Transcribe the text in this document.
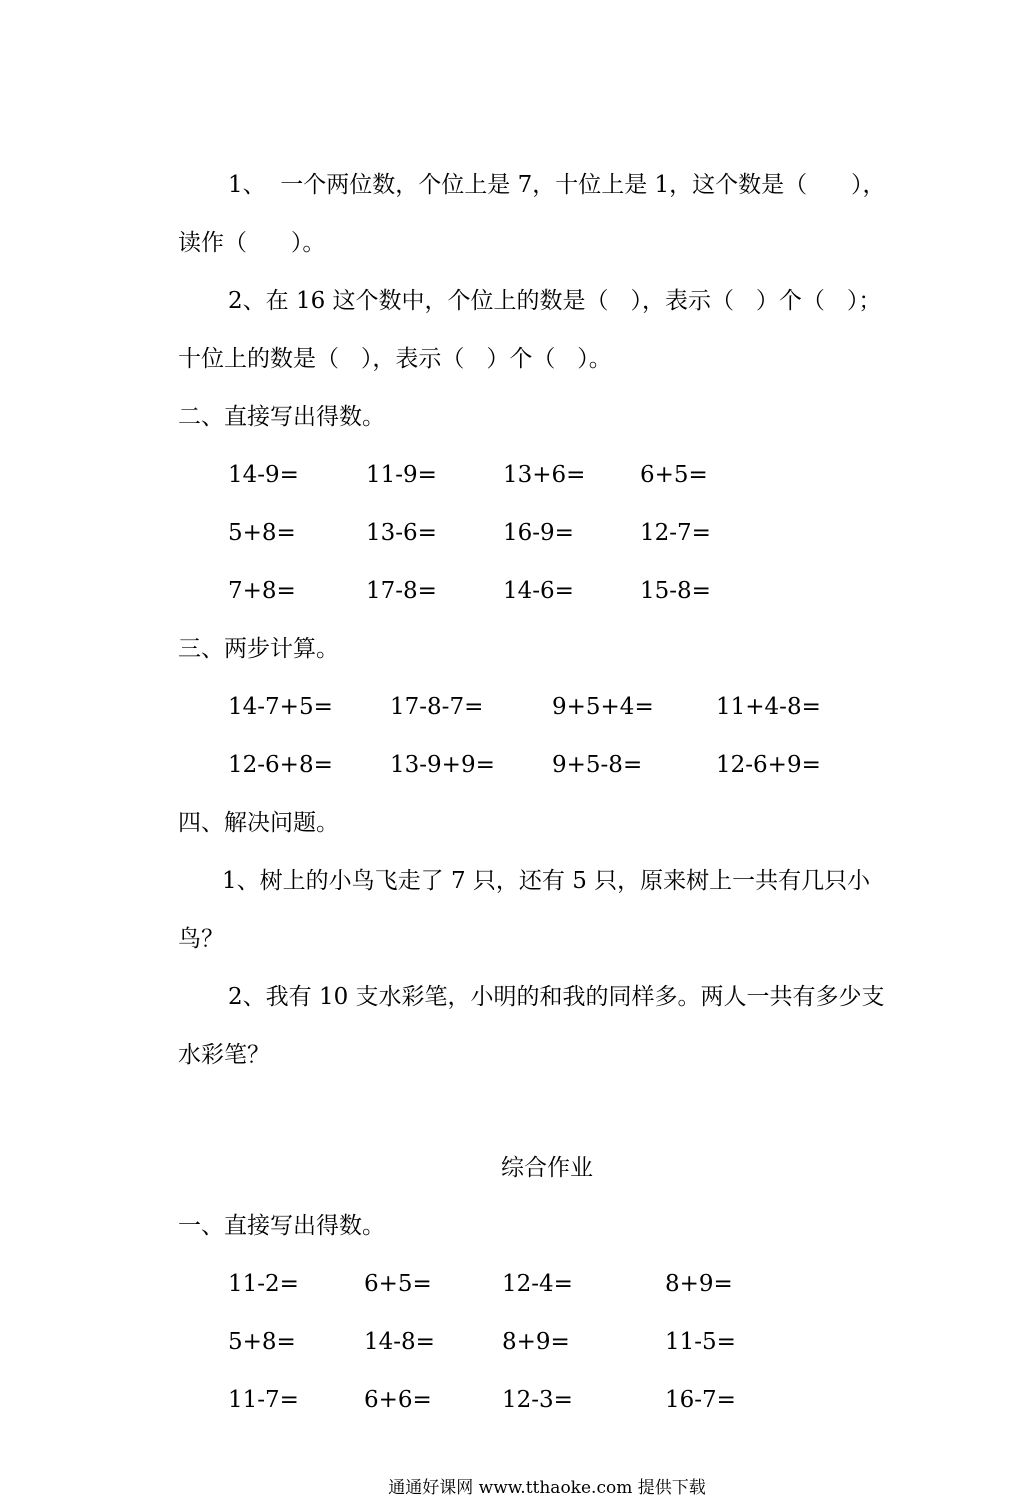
1、  一个两位数，个位上是 7，十位上是 1，这个数是（      ），
读作（      ）。
2、在 16 这个数中，个位上的数是（   ），表示（   ）个（   ）；
十位上的数是（   ），表示（   ）个（   ）。
二、直接写出得数。
14-9=	11-9=	13+6= 6+5=
5+8=	13-6=	16-9=	12-7=
7+8=	17-8=	14-6=	15-8=
三、两步计算。
14-7+5= 17-8-7=	9+5+4=	11+4-8=
12-6+8= 13-9+9= 9+5-8=	12-6+9=
四、解决问题。
1、树上的小鸟飞走了 7 只，还有 5 只，原来树上一共有几只小
鸟？
2、我有 10 支水彩笔，小明的和我的同样多。两人一共有多少支
水彩笔？
综合作业
一、直接写出得数。
11-2=	6+5=	12-4=	8+9=
5+8=	14-8=	8+9=	11-5=
11-7=	6+6=	12-3=	16-7=
通通好课网 www.tthaoke.com 提供下载
